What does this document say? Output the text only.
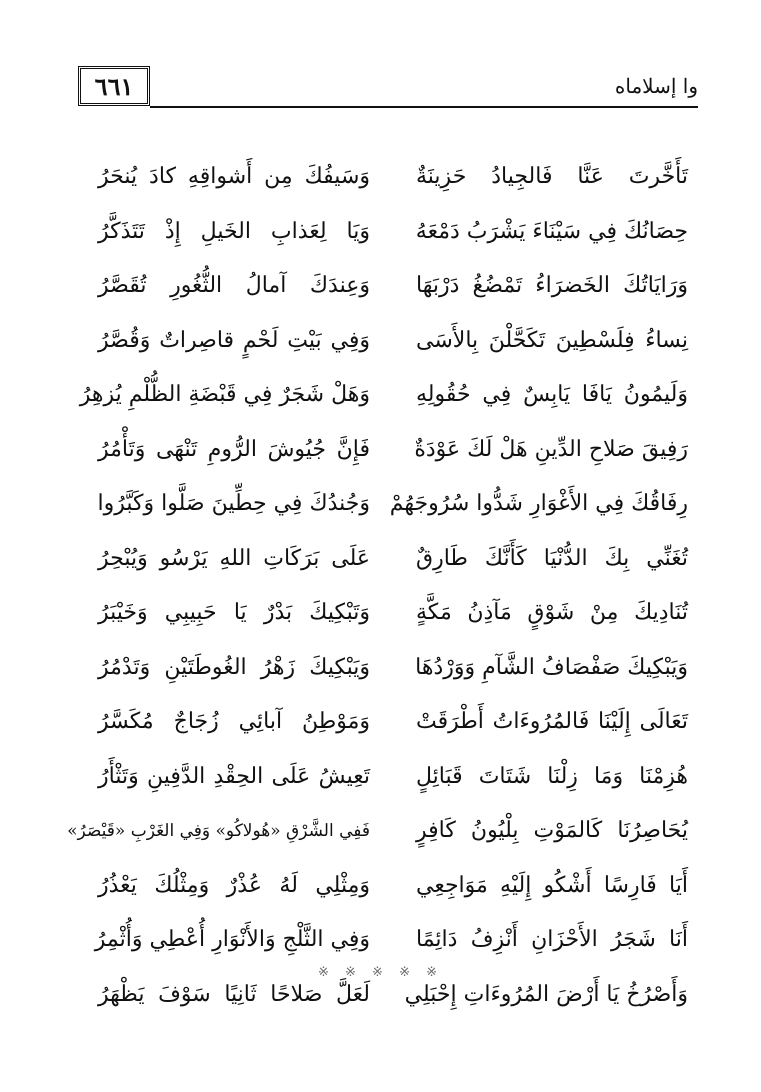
٦٦١	وا إسلاماه
تَأَخَّرتَ عَنَّا فَالجِيادُ حَزِينَةٌ
وَسَيفُكَ مِن أَشواقِهِ كادَ يُنحَرُ
حِصَانُكَ فِي سَيْنَاءَ يَشْرَبُ دَمْعَهُ
وَيَا لِعَذابِ الخَيلِ إِذْ تَتَذَكَّرُ
وَرَايَاتُكَ الخَضرَاءُ تَمْضُغُ دَرْبَهَا
وَعِندَكَ آمالُ الثُّغُورِ تُقَصَّرُ
نِساءُ فِلَسْطِينَ تَكَحَّلْنَ بِالأَسَى
وَفِي بَيْتِ لَحْمٍ قاصِراتٌ وَقُصَّرُ
وَلَيمُونُ يَافَا يَابِسٌ فِي حُقُولِهِ
وَهَلْ شَجَرٌ فِي قَبْضَةِ الظُّلْمِ يُزهِرُ
رَفِيقَ صَلاحِ الدِّينِ هَلْ لَكَ عَوْدَةٌ
فَإِنَّ جُيُوشَ الرُّومِ تَنْهَى وَتَأْمُرُ
رِفَاقُكَ فِي الأَغْوَارِ شَدُّوا سُرُوجَهُمْ
وَجُندُكَ فِي حِطِّينَ صَلَّوا وَكَبَّرُوا
تُغَنِّي بِكَ الدُّنْيَا كَأَنَّكَ طَارِقٌ
عَلَى بَرَكَاتِ اللهِ يَرْسُو وَيُبْحِرُ
تُنَادِيكَ مِنْ شَوْقٍ مَآذِنُ مَكَّةٍ
وَتَبْكِيكَ بَدْرٌ يَا حَبِيبِي وَخَيْبَرُ
وَيَبْكِيكَ صَفْصَافُ الشَّآمِ وَوَرْدُهَا
وَيَبْكِيكَ زَهْرُ الغُوطَتَيْنِ وَتَدْمُرُ
تَعَالَى إِلَيْنَا فَالمُرُوءَاتُ أَطْرَقَتْ
وَمَوْطِنُ آبائِي زُجَاجٌ مُكَسَّرُ
هُزِمْنَا وَمَا زِلْنَا شَتَاتَ قَبَائِلٍ
تَعِيشُ عَلَى الحِقْدِ الدَّفِينِ وَتَثْأَرُ
يُحَاصِرُنَا كَالمَوْتِ بِلْيُونُ كَافِرٍ
فَفِي الشَّرْقِ «هُولاكُو» وَفِي الغَرْبِ «قَيْصَرُ»
أَيَا فَارِسًا أَشْكُو إِلَيْهِ مَوَاجِعِي
وَمِثْلِي لَهُ عُذْرٌ وَمِثْلُكَ يَعْذُرُ
أَنَا شَجَرُ الأَحْزَانِ أَنْزِفُ دَائِمًا
وَفِي الثَّلْجِ وَالأَنْوَارِ أُعْطِي وَأُثْمِرُ
وَأَصْرُخُ يَا أَرْضَ المُرُوءَاتِ إِحْبَلِي
لَعَلَّ صَلاحًا ثَانِيًا سَوْفَ يَظْهَرُ
※ ※ ※ ※ ※
